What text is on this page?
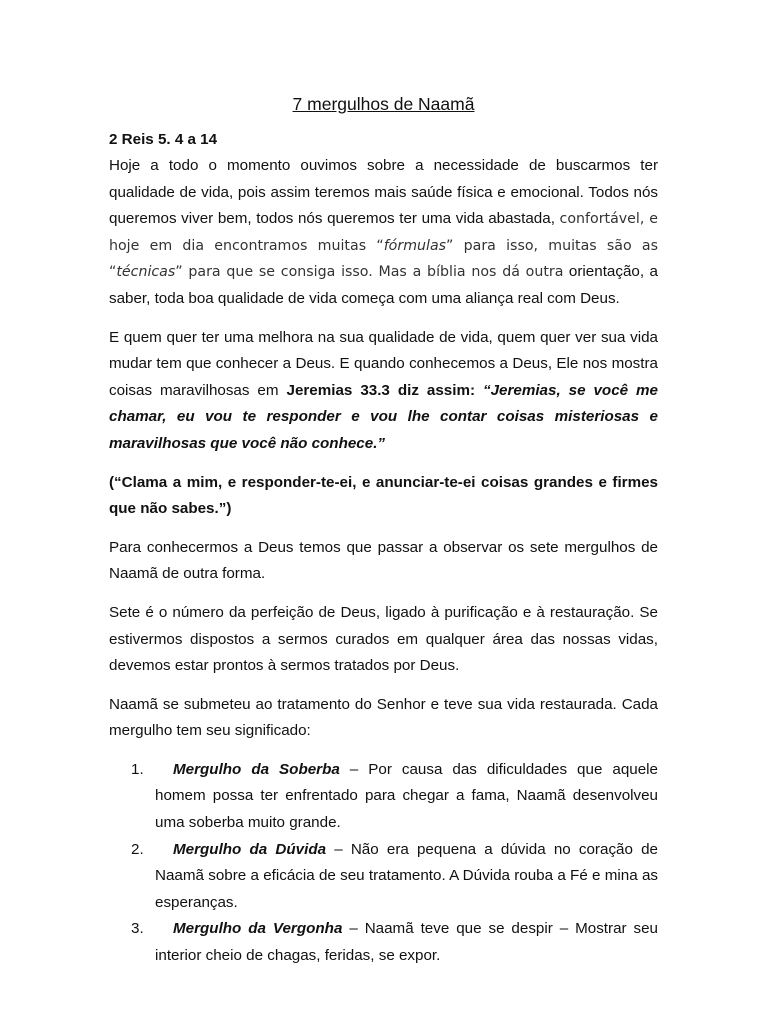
7 mergulhos de Naamã
2 Reis 5. 4 a 14

Hoje a todo o momento ouvimos sobre a necessidade de buscarmos ter qualidade de vida, pois assim teremos mais saúde física e emocional. Todos nós queremos viver bem, todos nós queremos ter uma vida abastada, confortável, e hoje em dia encontramos muitas “fórmulas” para isso, muitas são as “técnicas” para que se consiga isso. Mas a bíblia nos dá outra orientação, a saber, toda boa qualidade de vida começa com uma aliança real com Deus.

E quem quer ter uma melhora na sua qualidade de vida, quem quer ver sua vida mudar tem que conhecer a Deus. E quando conhecemos a Deus, Ele nos mostra coisas maravilhosas em Jeremias 33.3 diz assim: “Jeremias, se você me chamar, eu vou te responder e vou lhe contar coisas misteriosas e maravilhosas que você não conhece.”

(“Clama a mim, e responder-te-ei, e anunciar-te-ei coisas grandes e firmes que não sabes.”)

Para conhecermos a Deus temos que passar a observar os sete mergulhos de Naamã de outra forma.

Sete é o número da perfeição de Deus, ligado à purificação e à restauração. Se estivermos dispostos a sermos curados em qualquer área das nossas vidas, devemos estar prontos à sermos tratados por Deus.

Naamã se submeteu ao tratamento do Senhor e teve sua vida restaurada. Cada mergulho tem seu significado:

1. Mergulho da Soberba – Por causa das dificuldades que aquele homem possa ter enfrentado para chegar a fama, Naamã desenvolveu uma soberba muito grande.
2. Mergulho da Dúvida – Não era pequena a dúvida no coração de Naamã sobre a eficácia de seu tratamento. A Dúvida rouba a Fé e mina as esperanças.
3. Mergulho da Vergonha – Naamã teve que se despir – Mostrar seu interior cheio de chagas, feridas, se expor.
